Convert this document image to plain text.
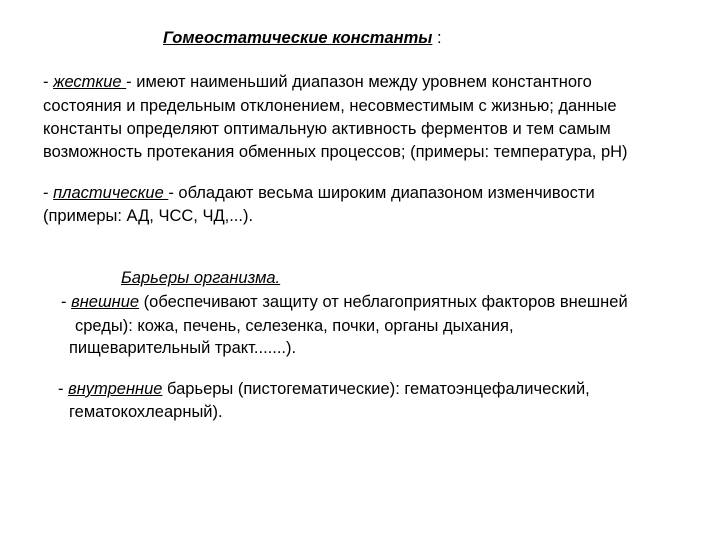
Гомеостатические константы :
- жесткие - имеют наименьший диапазон между уровнем константного
состояния и предельным отклонением, несовместимым с жизнью; данные
константы определяют оптимальную активность ферментов и тем самым
возможность протекания обменных процессов; (примеры: температура, рН)
- пластические - обладают весьма широким диапазоном изменчивости
(примеры: АД, ЧСС, ЧД,...).
Барьеры организма.
- внешние (обеспечивают защиту от неблагоприятных факторов внешней
среды): кожа, печень, селезенка, почки, органы дыхания,
пищеварительный тракт.......).
- внутренние барьеры (пистогематические): гематоэнцефалический,
гематокохлеарный).
